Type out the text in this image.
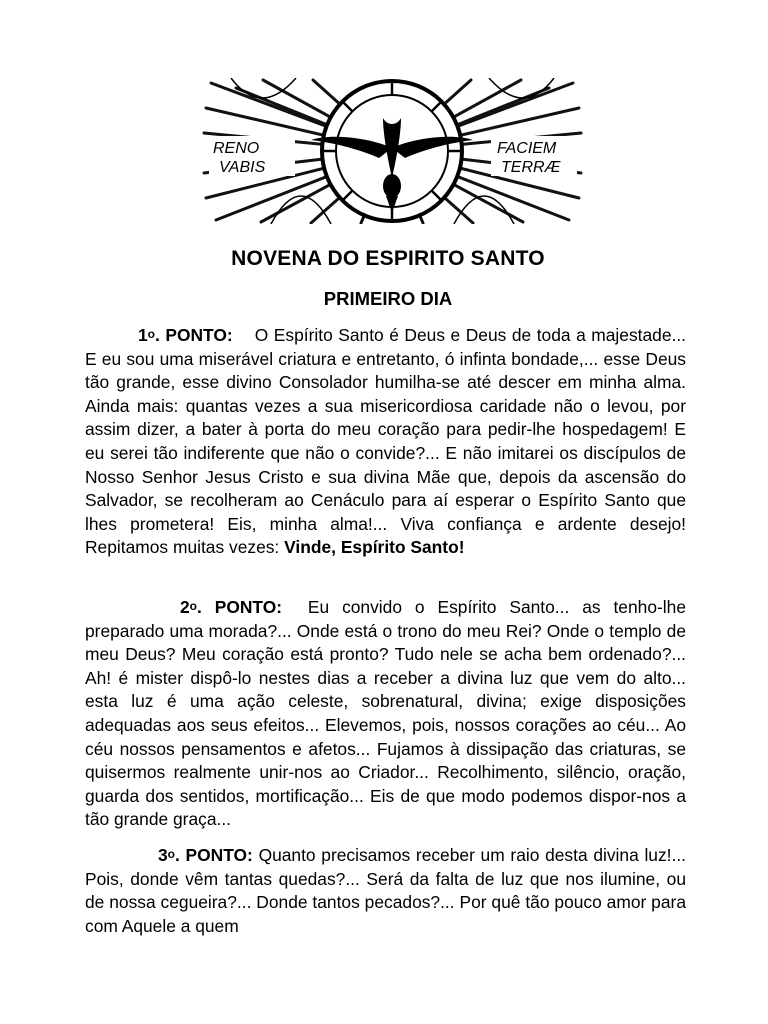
RENO
VABIS
FACIEM
TERRÆ
NOVENA DO ESPIRITO SANTO
PRIMEIRO DIA
1o. PONTO: O Espírito Santo é Deus e Deus de toda a majestade... E eu sou uma miserável criatura e entretanto, ó infinta bondade,... esse Deus tão grande, esse divino Consolador humilha-se até descer em minha alma. Ainda mais: quantas vezes a sua misericordiosa caridade não o levou, por assim dizer, a bater à porta do meu coração para pedir-lhe hospedagem! E eu serei tão indiferente que não o convide?... E não imitarei os discípulos de Nosso Senhor Jesus Cristo e sua divina Mãe que, depois da ascensão do Salvador, se recolheram ao Cenáculo para aí esperar o Espírito Santo que lhes prometera! Eis, minha alma!... Viva confiança e ardente desejo! Repitamos muitas vezes: Vinde, Espírito Santo!
2o. PONTO: Eu convido o Espírito Santo... as tenho-lhe preparado uma morada?... Onde está o trono do meu Rei? Onde o templo de meu Deus? Meu coração está pronto? Tudo nele se acha bem ordenado?... Ah! é mister dispô-lo nestes dias a receber a divina luz que vem do alto... esta luz é uma ação celeste, sobrenatural, divina; exige disposições adequadas aos seus efeitos... Elevemos, pois, nossos corações ao céu... Ao céu nossos pensamentos e afetos... Fujamos à dissipação das criaturas, se quisermos realmente unir-nos ao Criador... Recolhimento, silêncio, oração, guarda dos sentidos, mortificação... Eis de que modo podemos dispor-nos a tão grande graça...
3o. PONTO: Quanto precisamos receber um raio desta divina luz!... Pois, donde vêm tantas quedas?... Será da falta de luz que nos ilumine, ou de nossa cegueira?... Donde tantos pecados?... Por quê tão pouco amor para com Aquele a quem
